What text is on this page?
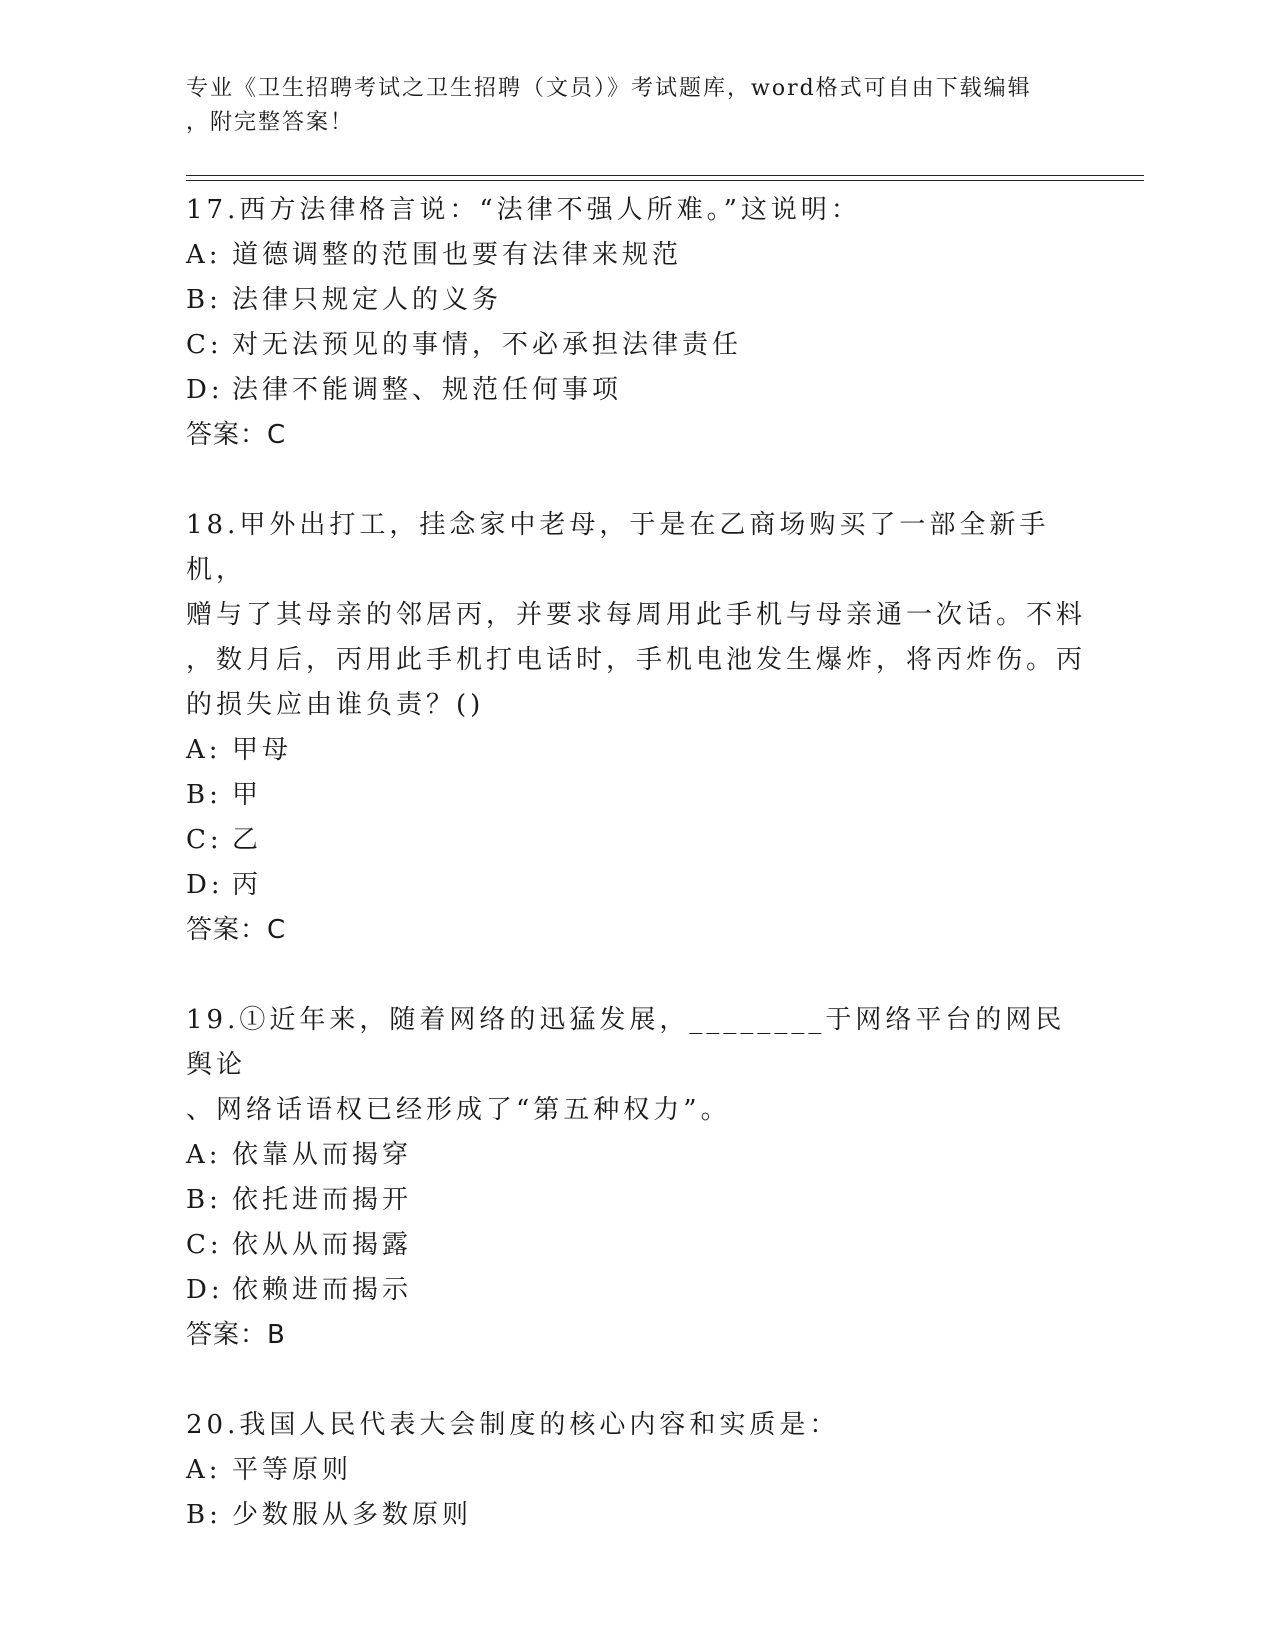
专业《卫生招聘考试之卫生招聘（文员）》考试题库，word格式可自由下载编辑
，附完整答案！
17.西方法律格言说：“法律不强人所难。”这说明：
A: 道德调整的范围也要有法律来规范
B: 法律只规定人的义务
C: 对无法预见的事情，不必承担法律责任
D: 法律不能调整、规范任何事项
答案：C
18.甲外出打工，挂念家中老母，于是在乙商场购买了一部全新手机，
赠与了其母亲的邻居丙，并要求每周用此手机与母亲通一次话。不料
，数月后，丙用此手机打电话时，手机电池发生爆炸，将丙炸伤。丙
的损失应由谁负责？()
A: 甲母
B: 甲
C: 乙
D: 丙
答案：C
19.①近年来，随着网络的迅猛发展，________于网络平台的网民舆论
、网络话语权已经形成了“第五种权力”。
A: 依靠从而揭穿
B: 依托进而揭开
C: 依从从而揭露
D: 依赖进而揭示
答案：B
20.我国人民代表大会制度的核心内容和实质是：
A: 平等原则
B: 少数服从多数原则
